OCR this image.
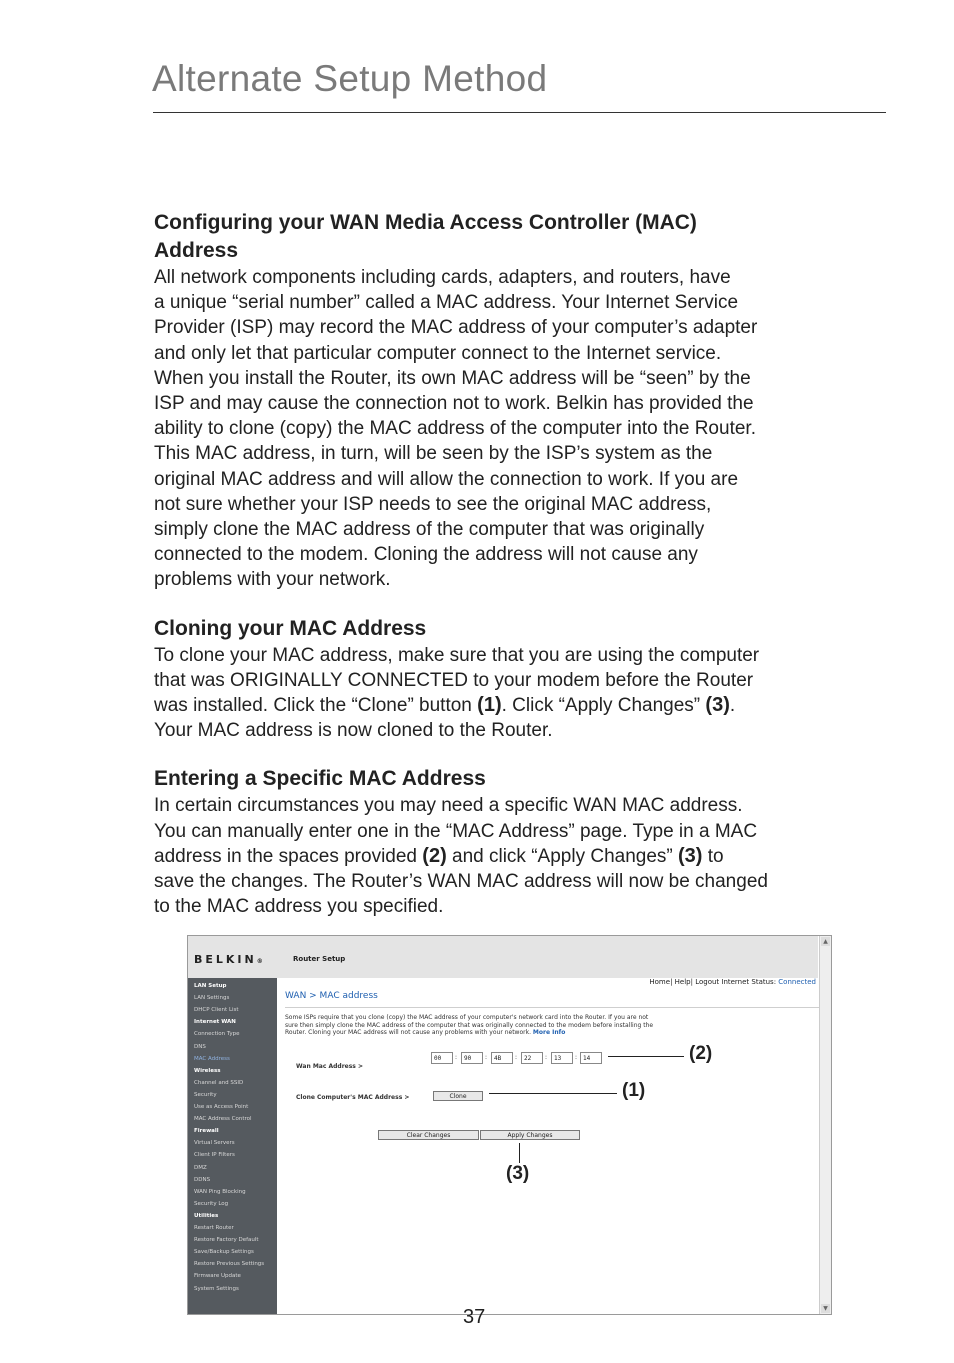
Alternate Setup Method
Configuring your WAN Media Access Controller (MAC)
Address

All network components including cards, adapters, and routers, have
a unique “serial number” called a MAC address. Your Internet Service
Provider (ISP) may record the MAC address of your computer’s adapter
and only let that particular computer connect to the Internet service.
When you install the Router, its own MAC address will be “seen” by the
ISP and may cause the connection not to work. Belkin has provided the
ability to clone (copy) the MAC address of the computer into the Router.
This MAC address, in turn, will be seen by the ISP’s system as the
original MAC address and will allow the connection to work. If you are
not sure whether your ISP needs to see the original MAC address,
simply clone the MAC address of the computer that was originally
connected to the modem. Cloning the address will not cause any
problems with your network.

Cloning your MAC Address

To clone your MAC address, make sure that you are using the computer
that was ORIGINALLY CONNECTED to your modem before the Router
was installed. Click the “Clone” button (1). Click “Apply Changes” (3).
Your MAC address is now cloned to the Router.

Entering a Specific MAC Address

In certain circumstances you may need a specific WAN MAC address.
You can manually enter one in the “MAC Address” page. Type in a MAC
address in the spaces provided (2) and click “Apply Changes” (3) to
save the changes. The Router’s WAN MAC address will now be changed
to the MAC address you specified.

BELKIN®	Router Setup
Home| Help| Logout Internet Status: Connected
LAN Setup
LAN Settings
DHCP Client List
Internet WAN
Connection Type
DNS
MAC Address
Wireless
Channel and SSID
Security
Use as Access Point
MAC Address Control
Firewall
Virtual Servers
Client IP Filters
DMZ
DDNS
WAN Ping Blocking
Security Log
Utilities
Restart Router
Restore Factory Default
Save/Backup Settings
Restore Previous Settings
Firmware Update
System Settings
WAN > MAC address
Some ISPs require that you clone (copy) the MAC address of your computer's network card into the Router. If you are not sure then simply clone the MAC address of the computer that was originally connected to the modem before installing the Router. Cloning your MAC address will not cause any problems with your network. More Info
Wan Mac Address >
00	:	90	:	4B	:	22	:	13	: 14
Clone Computer's MAC Address >	Clone
Clear Changes	Apply Changes
▲
▼
(2)
(1)
(3)
37
